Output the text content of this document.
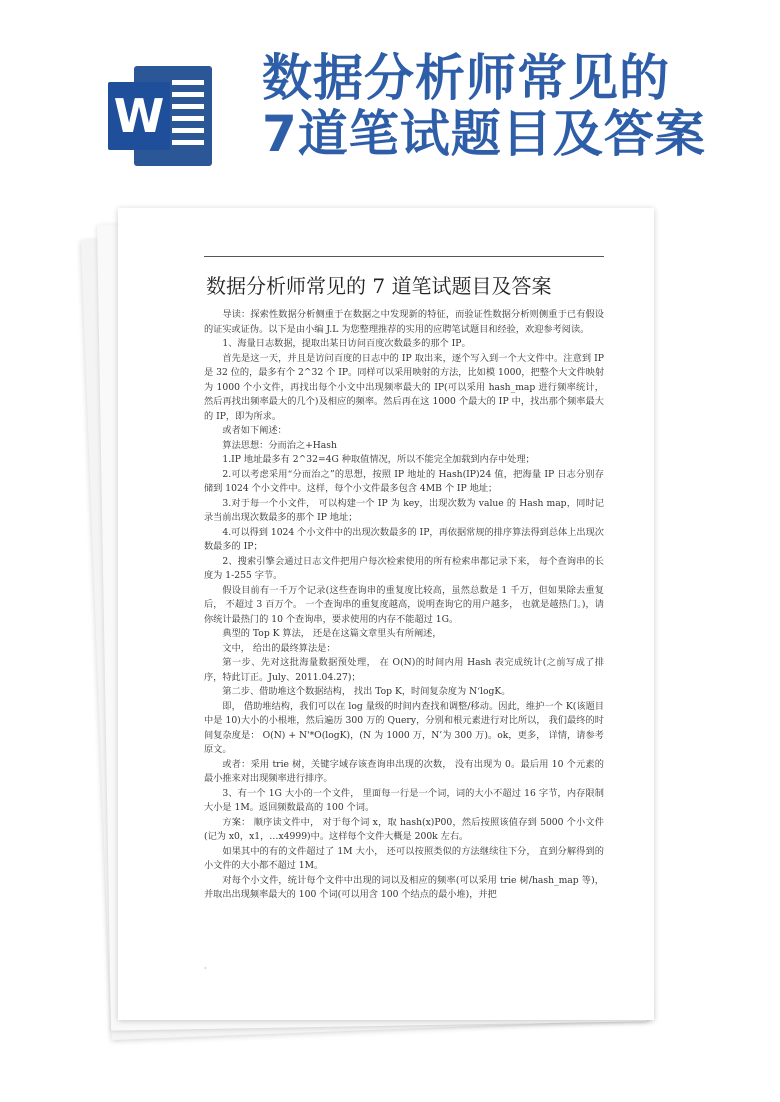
W
数据分析师常见的
7道笔试题目及答案
数据分析师常见的 7 道笔试题目及答案

导读：探索性数据分析侧重于在数据之中发现新的特征，而验证性数据分析则侧重于已有假设的证实或证伪。以下是由小编 J.L 为您整理推荐的实用的应聘笔试题目和经验，欢迎参考阅读。

1、海量日志数据，提取出某日访问百度次数最多的那个 IP。

首先是这一天，并且是访问百度的日志中的 IP 取出来，逐个写入到一个大文件中。注意到 IP 是 32 位的，最多有个 2^32 个 IP。同样可以采用映射的方法，比如模 1000，把整个大文件映射为 1000 个小文件，再找出每个小文中出现频率最大的 IP(可以采用 hash_map 进行频率统计，然后再找出频率最大的几个)及相应的频率。然后再在这 1000 个最大的 IP 中，找出那个频率最大的 IP，即为所求。

或者如下阐述：

算法思想：分而治之+Hash

1.IP 地址最多有 2^32=4G 种取值情况，所以不能完全加载到内存中处理；

2.可以考虑采用“分而治之”的思想，按照 IP 地址的 Hash(IP)24 值，把海量 IP 日志分别存储到 1024 个小文件中。这样，每个小文件最多包含 4MB 个 IP 地址；

3.对于每一个小文件， 可以构建一个 IP 为 key，出现次数为 value 的 Hash map，同时记录当前出现次数最多的那个 IP 地址；

4.可以得到 1024 个小文件中的出现次数最多的 IP，再依据常规的排序算法得到总体上出现次数最多的 IP；

2、搜索引擎会通过日志文件把用户每次检索使用的所有检索串都记录下来， 每个查询串的长度为 1-255 字节。

假设目前有一千万个记录(这些查询串的重复度比较高，虽然总数是 1 千万，但如果除去重复后， 不超过 3 百万个。 一个查询串的重复度越高，说明查询它的用户越多， 也就是越热门。)，请你统计最热门的 10 个查询串，要求使用的内存不能超过 1G。

典型的 Top K 算法， 还是在这篇文章里头有所阐述，

文中， 给出的最终算法是：

第一步、先对这批海量数据预处理， 在 O(N)的时间内用 Hash 表完成统计(之前写成了排序，特此订正。July、2011.04.27)；

第二步、借助堆这个数据结构， 找出 Top K，时间复杂度为 N‘logK。

即， 借助堆结构，我们可以在 log 量级的时间内查找和调整/移动。因此，维护一个 K(该题目中是 10)大小的小根堆，然后遍历 300 万的 Query，分别和根元素进行对比所以， 我们最终的时间复杂度是： O(N) + N'*O(logK)，(N 为 1000 万，N’为 300 万)。ok，更多， 详情，请参考原文。

或者：采用 trie 树，关键字域存该查询串出现的次数， 没有出现为 0。最后用 10 个元素的最小推来对出现频率进行排序。

3、有一个 1G 大小的一个文件， 里面每一行是一个词，词的大小不超过 16 字节，内存限制大小是 1M。返回频数最高的 100 个词。

方案： 顺序读文件中， 对于每个词 x，取 hash(x)P00，然后按照该值存到 5000 个小文件(记为 x0，x1，…x4999)中。这样每个文件大概是 200k 左右。

如果其中的有的文件超过了 1M 大小， 还可以按照类似的方法继续往下分， 直到分解得到的小文件的大小都不超过 1M。

对每个小文件，统计每个文件中出现的词以及相应的频率(可以采用 trie 树/hash_map 等)，并取出出现频率最大的 100 个词(可以用含 100 个结点的最小堆)，并把

·
